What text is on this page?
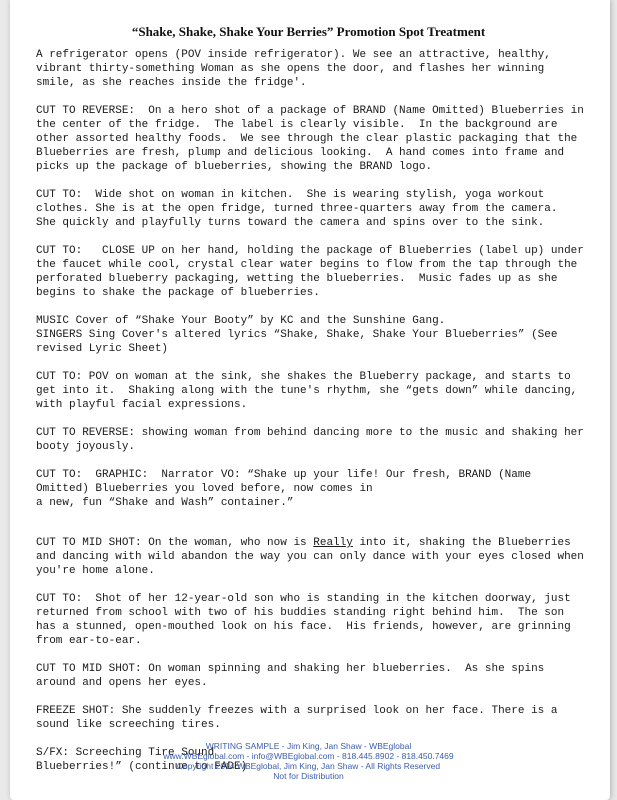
“Shake, Shake, Shake Your Berries” Promotion Spot Treatment
A refrigerator opens (POV inside refrigerator). We see an attractive, healthy,
vibrant thirty-something Woman as she opens the door, and flashes her winning
smile, as she reaches inside the fridge'.
CUT TO REVERSE:  On a hero shot of a package of BRAND (Name Omitted) Blueberries in
the center of the fridge.  The label is clearly visible.  In the background are
other assorted healthy foods.  We see through the clear plastic packaging that the
Blueberries are fresh, plump and delicious looking.  A hand comes into frame and
picks up the package of blueberries, showing the BRAND logo.
CUT TO:  Wide shot on woman in kitchen.  She is wearing stylish, yoga workout
clothes. She is at the open fridge, turned three-quarters away from the camera.
She quickly and playfully turns toward the camera and spins over to the sink.
CUT TO:   CLOSE UP on her hand, holding the package of Blueberries (label up) under
the faucet while cool, crystal clear water begins to flow from the tap through the
perforated blueberry packaging, wetting the blueberries.  Music fades up as she
begins to shake the package of blueberries.
MUSIC Cover of “Shake Your Booty” by KC and the Sunshine Gang.
SINGERS Sing Cover's altered lyrics “Shake, Shake, Shake Your Blueberries” (See
revised Lyric Sheet)
CUT TO: POV on woman at the sink, she shakes the Blueberry package, and starts to
get into it.  Shaking along with the tune's rhythm, she “gets down” while dancing,
with playful facial expressions.
CUT TO REVERSE: showing woman from behind dancing more to the music and shaking her
booty joyously.
CUT TO:  GRAPHIC:  Narrator VO: “Shake up your life! Our fresh, BRAND (Name
Omitted) Blueberries you loved before, now comes in
a new, fun “Shake and Wash” container.”
CUT TO MID SHOT: On the woman, who now is Really into it, shaking the Blueberries
and dancing with wild abandon the way you can only dance with your eyes closed when
you're home alone.
CUT TO:  Shot of her 12-year-old son who is standing in the kitchen doorway, just
returned from school with two of his buddies standing right behind him.  The son
has a stunned, open-mouthed look on his face.  His friends, however, are grinning
from ear-to-ear.
CUT TO MID SHOT: On woman spinning and shaking her blueberries.  As she spins
around and opens her eyes.
FREEZE SHOT: She suddenly freezes with a surprised look on her face. There is a
sound like screeching tires.
S/FX: Screeching Tire Sound
Blueberries!” (continue to FADE)
WRITING SAMPLE - Jim King, Jan Shaw - WBEglobal
www.WBEglobal.com - info@WBEglobal.com - 818.445.8902 - 818.450.7469
Copyright 2014 WBEglobal, Jim King, Jan Shaw - All Rights Reserved
Not for Distribution
